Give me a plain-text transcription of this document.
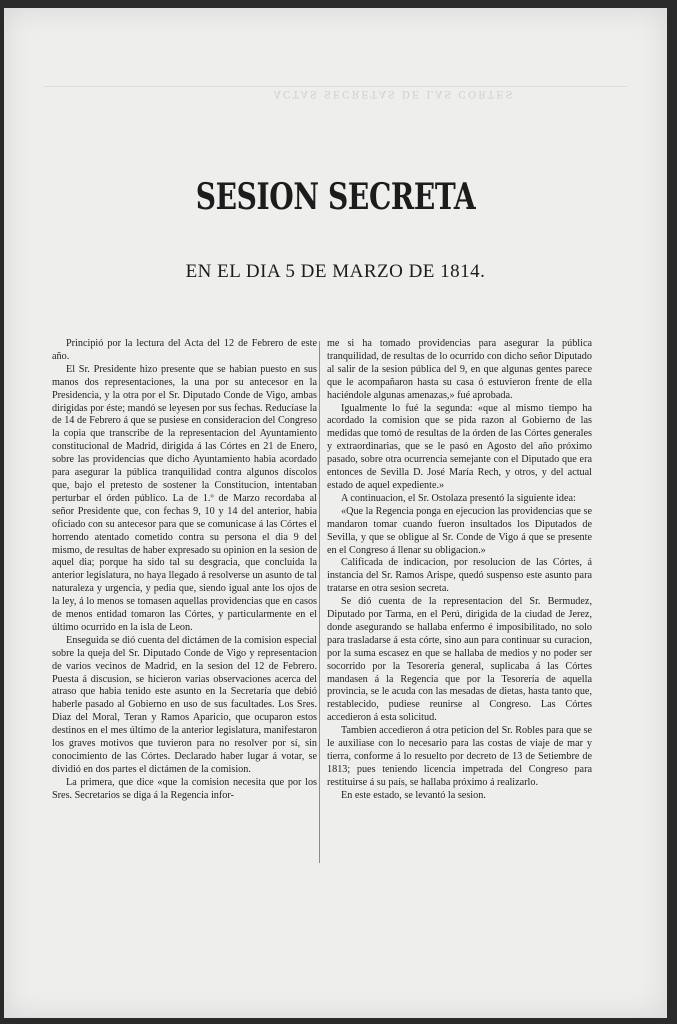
ACTAS SECRETAS DE LAS CÓRTES
SESION SECRETA
EN EL DIA 5 DE MARZO DE 1814.

Principió por la lectura del Acta del 12 de Febrero de este año.

El Sr. Presidente hizo presente que se habian puesto en sus manos dos representaciones, la una por su antecesor en la Presidencia, y la otra por el Sr. Diputado Conde de Vigo, ambas dirigidas por éste; mandó se leyesen por sus fechas. Reducíase la de 14 de Febrero á que se pusiese en consideracion del Congreso la copia que transcribe de la representacion del Ayuntamiento constitucional de Madrid, dirigida á las Córtes en 21 de Enero, sobre las providencias que dicho Ayuntamiento habia acordado para asegurar la pública tranquilidad contra algunos díscolos que, bajo el pretesto de sostener la Constitucion, intentaban perturbar el órden público. La de 1.º de Marzo recordaba al señor Presidente que, con fechas 9, 10 y 14 del anterior, habia oficiado con su antecesor para que se comunicase á las Córtes el horrendo atentado cometido contra su persona el dia 9 del mismo, de resultas de haber expresado su opinion en la sesion de aquel dia; porque ha sido tal su desgracia, que concluida la anterior legislatura, no haya llegado á resolverse un asunto de tal naturaleza y urgencia, y pedia que, siendo igual ante los ojos de la ley, á lo menos se tomasen aquellas providencias que en casos de menos entidad tomaron las Córtes, y particularmente en el último ocurrido en la isla de Leon.

Enseguida se dió cuenta del dictámen de la comision especial sobre la queja del Sr. Diputado Conde de Vigo y representacion de varios vecinos de Madrid, en la sesion del 12 de Febrero. Puesta á discusion, se hicieron varias observaciones acerca del atraso que habia tenido este asunto en la Secretaría que debió haberle pasado al Gobierno en uso de sus facultades. Los Sres. Diaz del Moral, Teran y Ramos Aparicio, que ocuparon estos destinos en el mes último de la anterior legislatura, manifestaron los graves motivos que tuvieron para no resolver por sí, sin conocimiento de las Córtes. Declarado haber lugar á votar, se dividió en dos partes el dictámen de la comision.

La primera, que dice «que la comision necesita que por los Sres. Secretarios se diga á la Regencia infor-

me si ha tomado providencias para asegurar la pública tranquilidad, de resultas de lo ocurrido con dicho señor Diputado al salir de la sesion pública del 9, en que algunas gentes parece que le acompañaron hasta su casa ó estuvieron frente de ella haciéndole algunas amenazas,» fué aprobada.

Igualmente lo fué la segunda: «que al mismo tiempo ha acordado la comision que se pida razon al Gobierno de las medidas que tomó de resultas de la órden de las Córtes generales y extraordinarias, que se le pasó en Agosto del año próximo pasado, sobre otra ocurrencia semejante con el Diputado que era entonces de Sevilla D. José María Rech, y otros, y del actual estado de aquel expediente.»

A continuacion, el Sr. Ostolaza presentó la siguiente idea:

«Que la Regencia ponga en ejecucion las providencias que se mandaron tomar cuando fueron insultados los Diputados de Sevilla, y que se obligue al Sr. Conde de Vigo á que se presente en el Congreso á llenar su obligacion.»

Calificada de indicacion, por resolucion de las Córtes, á instancia del Sr. Ramos Arispe, quedó suspenso este asunto para tratarse en otra sesion secreta.

Se dió cuenta de la representacion del Sr. Bermudez, Diputado por Tarma, en el Perú, dirigida de la ciudad de Jerez, donde asegurando se hallaba enfermo é imposibilitado, no solo para trasladarse á esta córte, sino aun para continuar su curacion, por la suma escasez en que se hallaba de medios y no poder ser socorrido por la Tesorería general, suplicaba á las Córtes mandasen á la Regencia que por la Tesorería de aquella provincia, se le acuda con las mesadas de dietas, hasta tanto que, restablecido, pudiese reunirse al Congreso. Las Córtes accedieron á esta solicitud.

Tambien accedieron á otra peticion del Sr. Robles para que se le auxiliase con lo necesario para las costas de viaje de mar y tierra, conforme á lo resuelto por decreto de 13 de Setiembre de 1813; pues teniendo licencia impetrada del Congreso para restituirse á su país, se hallaba próximo á realizarlo.

En este estado, se levantó la sesion.
